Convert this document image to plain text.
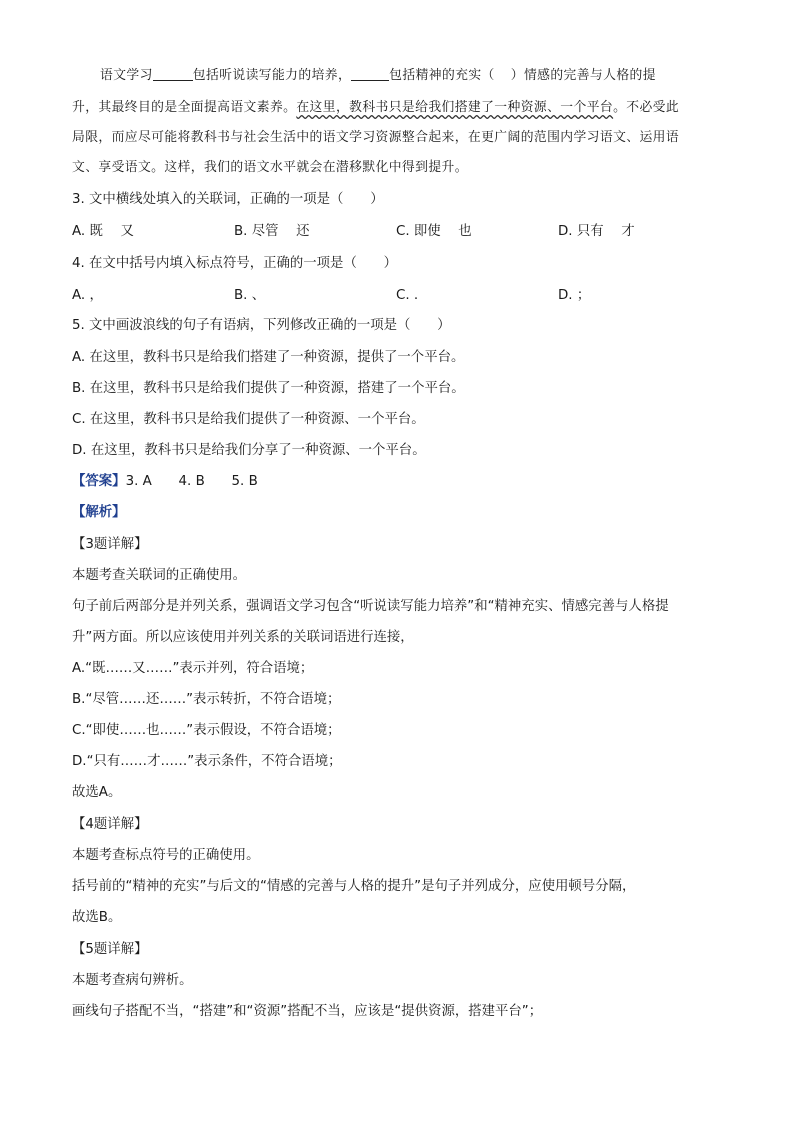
语文学习	包括听说读写能力的培养，	包括精神的充实（ ）情感的完善与人格的提
升，其最终目的是全面提高语文素养。在这里，教科书只是给我们搭建了一种资源、一个平台。不必受此
局限，而应尽可能将教科书与社会生活中的语文学习资源整合起来，在更广阔的范围内学习语文、运用语
文、享受语文。这样，我们的语文水平就会在潜移默化中得到提升。
3. 文中横线处填入的关联词，正确的一项是（　　）
A. 既　 又	B. 尽管　 还	C. 即使　 也	D. 只有　 才
4. 在文中括号内填入标点符号，正确的一项是（　　）
A. ，	B. 、	C. .	D. ；
5. 文中画波浪线的句子有语病，下列修改正确的一项是（　　）
A. 在这里，教科书只是给我们搭建了一种资源，提供了一个平台。
B. 在这里，教科书只是给我们提供了一种资源，搭建了一个平台。
C. 在这里，教科书只是给我们提供了一种资源、一个平台。
D. 在这里，教科书只是给我们分享了一种资源、一个平台。
【答案】3. A　　4. B　　5. B
【解析】
【3题详解】
本题考查关联词的正确使用。
句子前后两部分是并列关系，强调语文学习包含“听说读写能力培养”和“精神充实、情感完善与人格提
升”两方面。所以应该使用并列关系的关联词语进行连接，
A.“既……又……”表示并列，符合语境；
B.“尽管……还……”表示转折，不符合语境；
C.“即使……也……”表示假设，不符合语境；
D.“只有……才……”表示条件，不符合语境；
故选A。
【4题详解】
本题考查标点符号的正确使用。
括号前的“精神的充实”与后文的“情感的完善与人格的提升”是句子并列成分，应使用顿号分隔，
故选B。
【5题详解】
本题考查病句辨析。
画线句子搭配不当，“搭建”和“资源”搭配不当，应该是“提供资源，搭建平台”；
